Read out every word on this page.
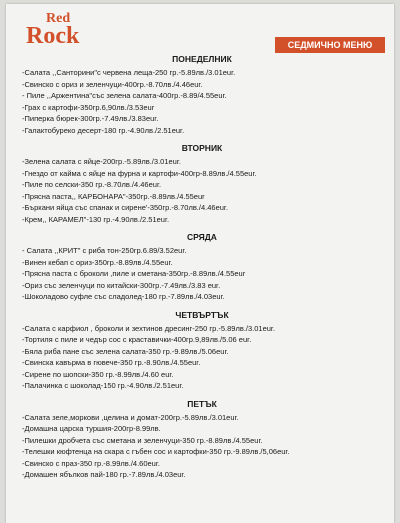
Red
Rock	СЕДМИЧНО МЕНЮ
ПОНЕДЕЛНИК
-Салата ,,Санторини"с червена леща-250 гр.-5.89лв./3.01eur.
-Свинско с ориз и зеленчуци-400гр.-8.70лв./4.46eur.
- Пиле ,,Аржентина"със зелена салата-400гр.-8.89/4.55eur.
-Грах с картофи-350гр.6,90лв./3.53eur
-Пиперка бюрек-300гр.-7.49лв./3.83eur.
-Галактобуреко десерт-180 гр.-4.90лв./2.51eur.
ВТОРНИК
-Зелена салата с яйце-200гр.-5.89лв./3.01eur.
-Гнездо от кайма с яйце на фурна и картофи-400гр-8.89лв./4.55eur.
-Пиле по селски-350 гр.-8.70лв./4.46eur.
-Прясна паста,, КАРБОНАРА"-350гр.-8.89лв./4.55eur
-Бъркани яйца със спанак и сирене'-350гр.-8.70лв./4.46eur.
-Крем,, КАРАМЕЛ"-130 гр.-4.90лв./2.51eur.
СРЯДА
- Салата ,,КРИТ" с риба тон-250гр.6.89/3.52eur.
-Винен кебап с ориз-350гр.-8.89лв./4.55eur.
-Прясна паста с броколи ,пиле и сметана-350гр.-8.89лв./4.55eur
-Ориз със зеленчуци по китайски-300гр.-7.49лв./3.83 eur.
-Шоколадово суфле със сладолед-180 гр.-7.89лв./4.03eur.
ЧЕТВЪРТЪК
-Салата с карфиол , броколи и зехтинов дресинг-250 гр.-5.89лв./3.01eur.
-Тортиля с пиле и чедър сос с краставички-400гр.9,89лв./5.06 eur.
-Бяла риба пане със зелена салата-350 гр.-9.89лв./5.06eur.
-Свинска кавърма в гювече-350 гр.-8.90лв./4.55eur.
-Сирене по шопски-350 гр.-8.99лв./4.60 eur.
-Палачинка с шоколад-150 гр.-4.90лв./2.51eur.
ПЕТЪК
-Салата зеле,моркови ,целина и домат-200гр.-5.89лв./3.01eur.
-Домашна царска туршия-200гр-8.99лв.
-Пилешки дробчета със сметана и зеленчуци-350 гр.-8.89лв./4.55eur.
-Телешки кюфтенца на скара с гъбен сос и картофки-350 гр.-9.89лв./5,06eur.
-Свинско с праз-350 гр.-8.99лв./4.60eur.
-Домашен ябълков пай-180 гр.-7.89лв./4.03eur.
